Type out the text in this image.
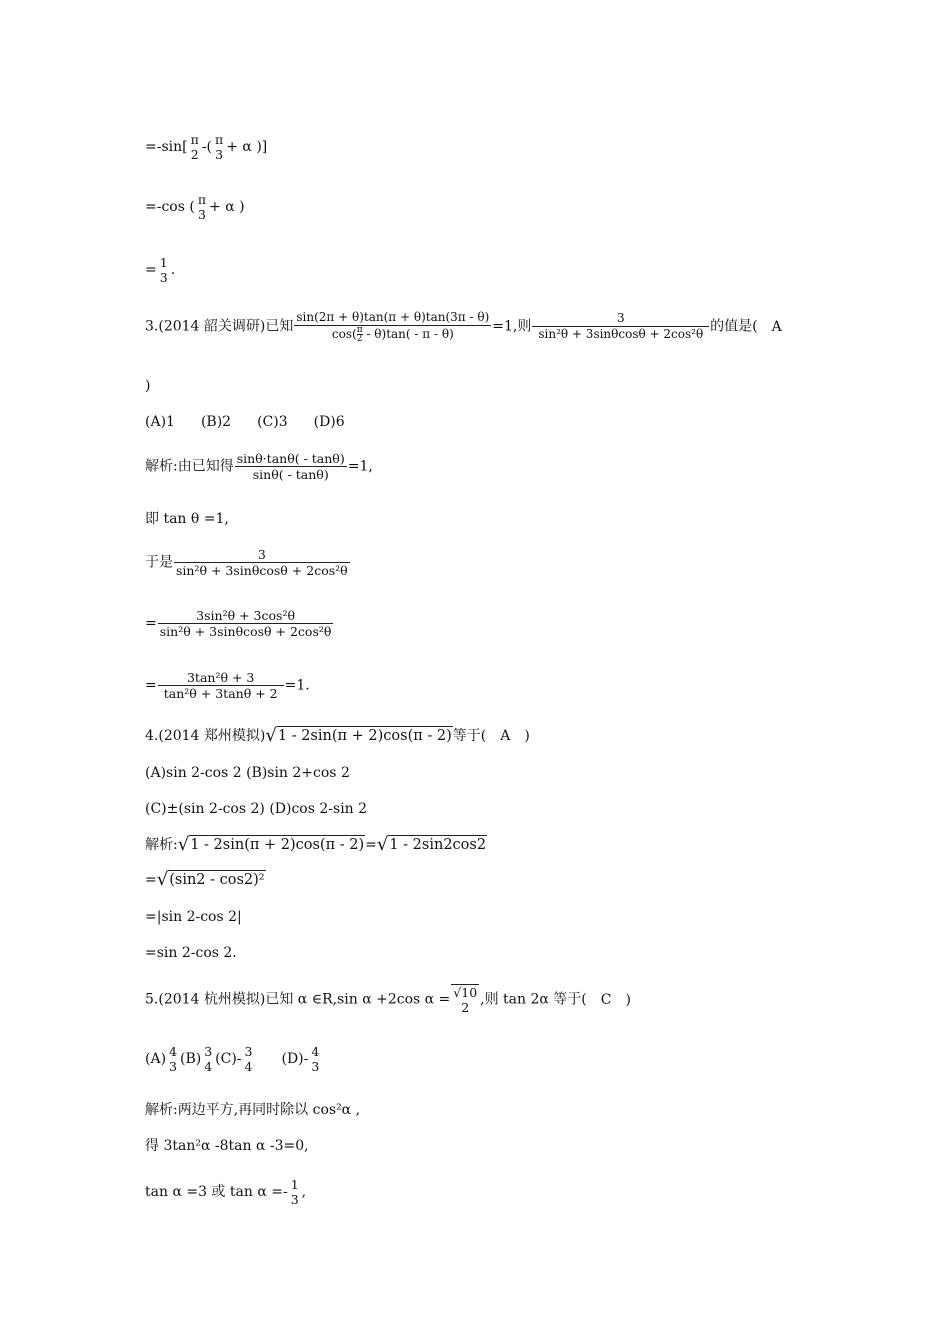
=-sin[ π
2 -( π
3 + α )]
=-cos ( π
3 + α )
= 1
3 .
3.(2014 韶关调研)已知 $\frac{\sin(2\pi + \theta)\tan(\pi + \theta)\tan(3\pi - \theta)}{\cos( \frac{\pi}{2} - \theta)\tan( - \pi - \theta)} =1$,则 $\frac{3}{\text{sin²θ + 3sinθcosθ + 2cos²θ}}$ 的值是( A
)
(A)1 (B)2 (C)3 (D)6
解析:由已知得 $\frac{\sin\theta\cdot\tan\theta( - \tan\theta)}{\sin\theta( - \tan\theta)} =1$,
即 tan θ =1,
于是 $\frac{3}{\text{sin²θ + 3sinθcosθ + 2cos²θ}}$
= $\frac{\text{3sin²θ + 3cos²θ}}{\text{sin²θ + 3sinθcosθ + 2cos²θ}}$
= $\frac{\text{3tan²θ + 3}}{\text{tan²θ + 3tanθ + 2}} =1$.
4.(2014 郑州模拟)√1 - 2sin(π + 2)cos(π - 2)等于( A )
(A)sin 2-cos 2 (B)sin 2+cos 2
(C)±(sin 2-cos 2) (D)cos 2-sin 2
解析:√1 - 2sin(π + 2)cos(π - 2)=√1 - 2sin2cos2
=√(sin2 - cos2)²
=|sin 2-cos 2|
=sin 2-cos 2.
5.(2014 杭州模拟)已知 α ∈R,sin α +2cos α = √10
2 ,则 tan 2α 等于( C )
(A) 4
3 (B) 3
4 (C)- 3
4 (D)- 4
3
解析:两边平方,再同时除以 cos²α ,
得 3tan²α -8tan α -3=0,
tan α =3 或 tan α =- 1
3 ,
